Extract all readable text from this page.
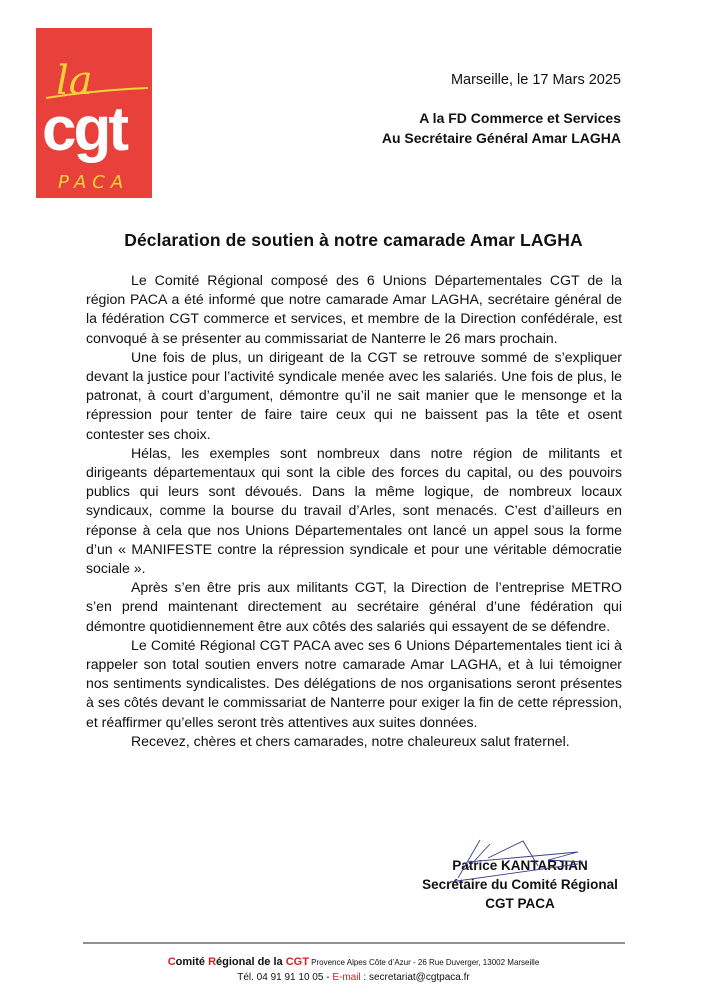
la
cgt
PACA
Marseille, le 17 Mars 2025
A la FD Commerce et Services
Au Secrétaire Général Amar LAGHA
Déclaration de soutien à notre camarade Amar LAGHA

Le Comité Régional composé des 6 Unions Départementales CGT de la région PACA a été informé que notre camarade Amar LAGHA, secrétaire général de la fédération CGT commerce et services, et membre de la Direction confédérale, est convoqué à se présenter au commissariat de Nanterre le 26 mars prochain.

Une fois de plus, un dirigeant de la CGT se retrouve sommé de s’expliquer devant la justice pour l’activité syndicale menée avec les salariés. Une fois de plus, le patronat, à court d’argument, démontre qu’il ne sait manier que le mensonge et la répression pour tenter de faire taire ceux qui ne baissent pas la tête et osent contester ses choix.

Hélas, les exemples sont nombreux dans notre région de militants et dirigeants départementaux qui sont la cible des forces du capital, ou des pouvoirs publics qui leurs sont dévoués. Dans la même logique, de nombreux locaux syndicaux, comme la bourse du travail d’Arles, sont menacés. C’est d’ailleurs en réponse à cela que nos Unions Départementales ont lancé un appel sous la forme d’un « MANIFESTE contre la répression syndicale et pour une véritable démocratie sociale ».

Après s’en être pris aux militants CGT, la Direction de l’entreprise METRO s’en prend maintenant directement au secrétaire général d’une fédération qui démontre quotidiennement être aux côtés des salariés qui essayent de se défendre.

Le Comité Régional CGT PACA avec ses 6 Unions Départementales tient ici à rappeler son total soutien envers notre camarade Amar LAGHA, et à lui témoigner nos sentiments syndicalistes. Des délégations de nos organisations seront présentes à ses côtés devant le commissariat de Nanterre pour exiger la fin de cette répression, et réaffirmer qu’elles seront très attentives aux suites données.

Recevez, chères et chers camarades, notre chaleureux salut fraternel.

Patrice KANTARJIAN
Secrétaire du Comité Régional
CGT PACA
Comité Régional de la CGT Provence Alpes Côte d’Azur - 26 Rue Duverger, 13002 Marseille
Tél. 04 91 91 10 05 - E-mail : secretariat@cgtpaca.fr
